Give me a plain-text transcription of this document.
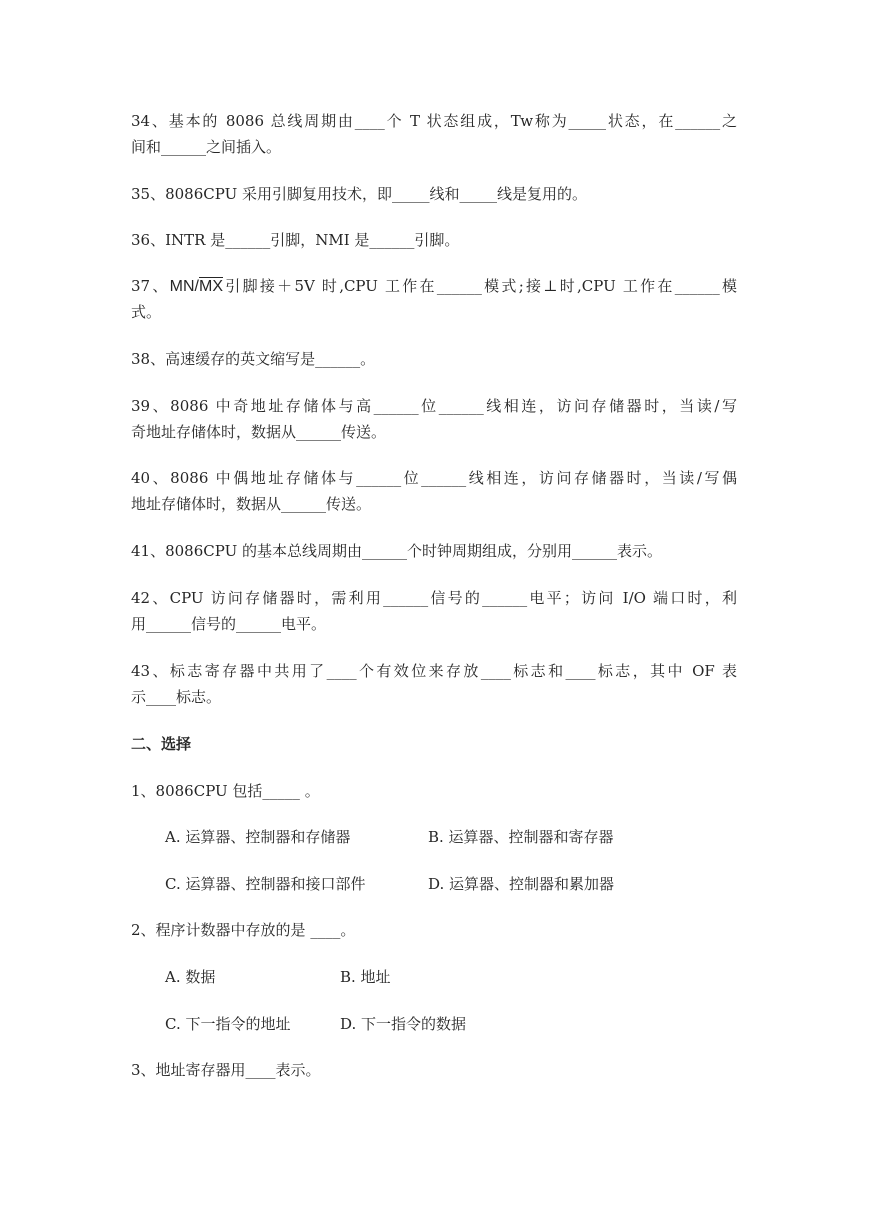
34、基本的 8086 总线周期由____个 T 状态组成，Tw称为_____状态，在______之
间和______之间插入。
35、8086CPU 采用引脚复用技术，即_____线和_____线是复用的。
36、INTR 是______引脚，NMI 是______引脚。
37、$MN/\overline{MX}$引脚接＋5V 时,CPU 工作在______模式;接⊥时,CPU 工作在______模
式。
38、高速缓存的英文缩写是______。
39、8086 中奇地址存储体与高______位______线相连，访问存储器时，当读/写
奇地址存储体时，数据从______传送。
40、8086 中偶地址存储体与______位______线相连，访问存储器时，当读/写偶
地址存储体时，数据从______传送。
41、8086CPU 的基本总线周期由______个时钟周期组成，分别用______表示。
42、CPU 访问存储器时，需利用______信号的______电平；访问 I/O 端口时，利
用______信号的______电平。
43、标志寄存器中共用了____个有效位来存放____标志和____标志，其中 OF 表
示____标志。
二、选择
1、8086CPU 包括_____ 。
A. 运算器、控制器和存储器	B. 运算器、控制器和寄存器
C. 运算器、控制器和接口部件	D. 运算器、控制器和累加器
2、程序计数器中存放的是 ____。
A. 数据	B. 地址
C. 下一指令的地址	D. 下一指令的数据
3、地址寄存器用____表示。
